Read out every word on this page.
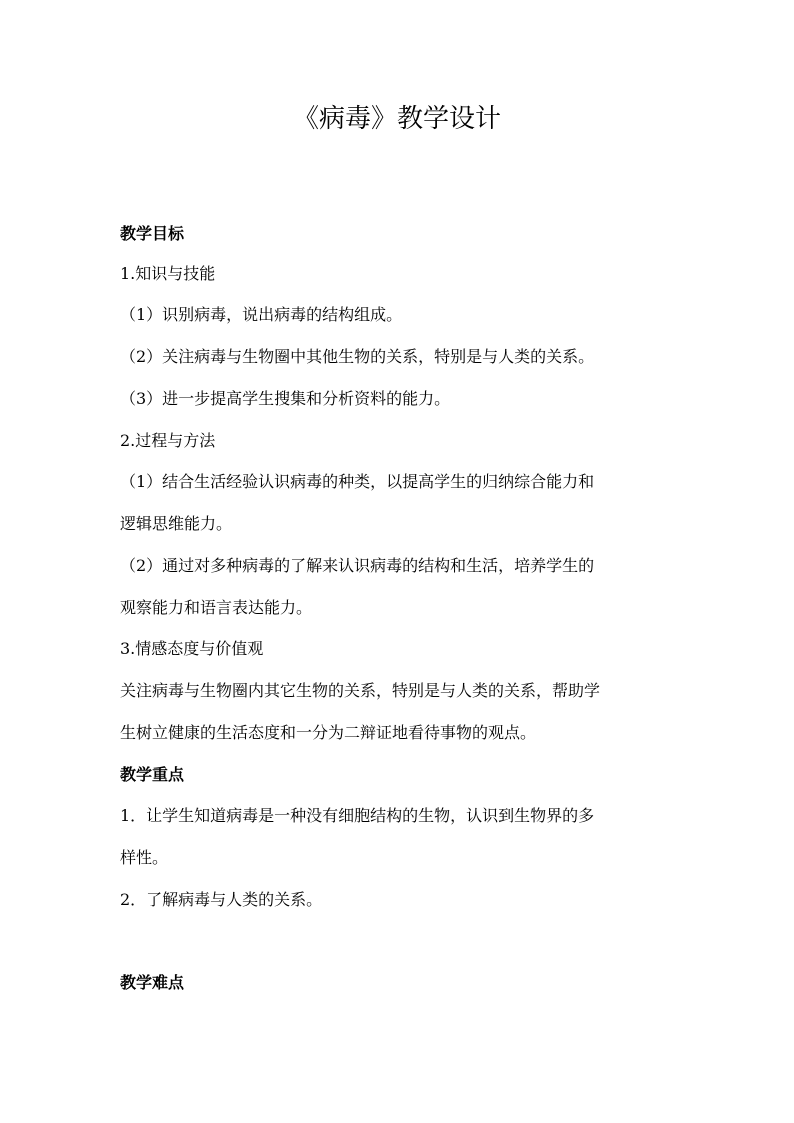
《病毒》教学设计
教学目标
1.知识与技能
（1）识别病毒，说出病毒的结构组成。
（2）关注病毒与生物圈中其他生物的关系，特别是与人类的关系。
（3）进一步提高学生搜集和分析资料的能力。
2.过程与方法
（1）结合生活经验认识病毒的种类，以提高学生的归纳综合能力和
逻辑思维能力。
（2）通过对多种病毒的了解来认识病毒的结构和生活，培养学生的
观察能力和语言表达能力。
3.情感态度与价值观
关注病毒与生物圈内其它生物的关系，特别是与人类的关系，帮助学
生树立健康的生活态度和一分为二辩证地看待事物的观点。
教学重点
1．让学生知道病毒是一种没有细胞结构的生物，认识到生物界的多
样性。
2．了解病毒与人类的关系。
教学难点
